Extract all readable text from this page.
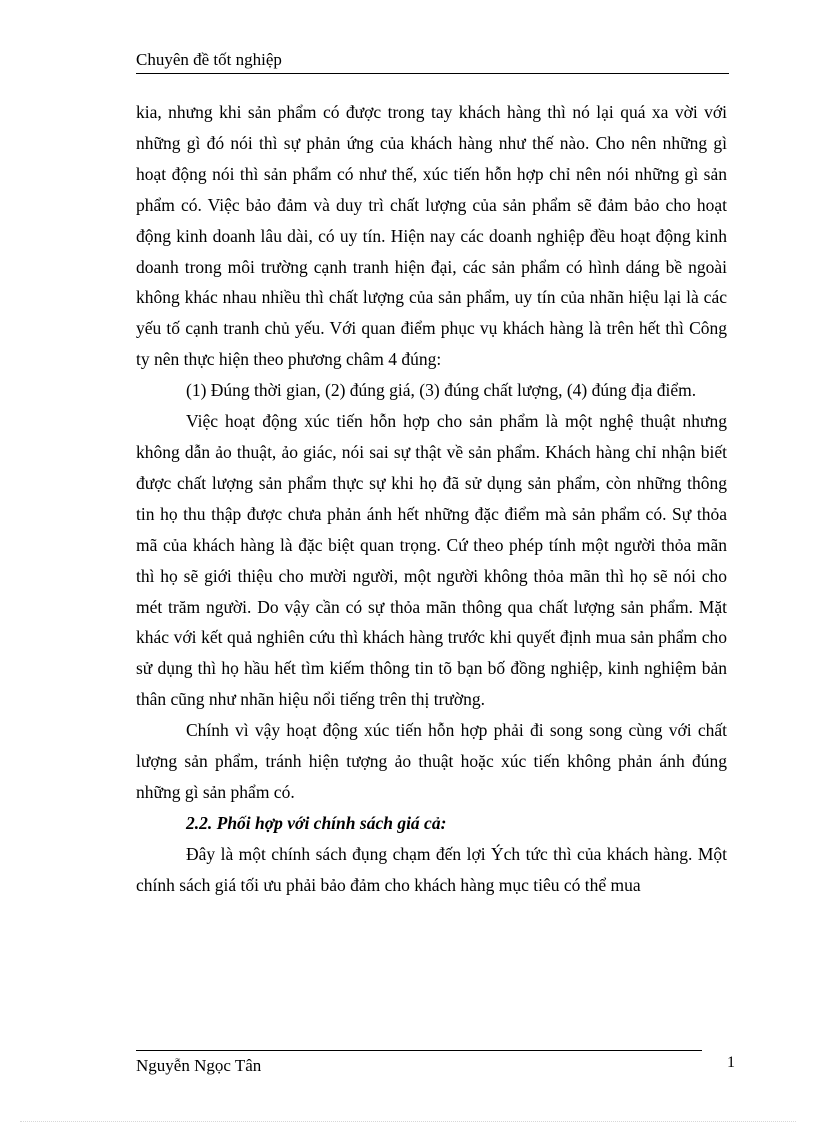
Chuyên đề tốt nghiệp

kia, nhưng khi sản phẩm có được trong tay khách hàng thì nó lại quá xa vời với những gì đó nói thì sự phản ứng của khách hàng như thế nào. Cho nên những gì hoạt động nói thì sản phẩm có như thế, xúc tiến hỗn hợp chỉ nên nói những gì sản phẩm có. Việc bảo đảm và duy trì chất lượng của sản phẩm sẽ đảm bảo cho hoạt động kinh doanh lâu dài, có uy tín. Hiện nay các doanh nghiệp đều hoạt động kinh doanh trong môi trường cạnh tranh hiện đại, các sản phẩm có hình dáng bề ngoài không khác nhau nhiều thì chất lượng của sản phẩm, uy tín của nhãn hiệu lại là các yếu tố cạnh tranh chủ yếu. Với quan điểm phục vụ khách hàng là trên hết thì Công ty nên thực hiện theo phương châm 4 đúng:

(1) Đúng thời gian, (2) đúng giá, (3) đúng chất lượng, (4) đúng địa điểm.

Việc hoạt động xúc tiến hỗn hợp cho sản phẩm là một nghệ thuật nhưng không dẫn ảo thuật, ảo giác, nói sai sự thật về sản phẩm. Khách hàng chỉ nhận biết được chất lượng sản phẩm thực sự khi họ đã sử dụng sản phẩm, còn những thông tin họ thu thập được chưa phản ánh hết những đặc điểm mà sản phẩm có. Sự thỏa mã của khách hàng là đặc biệt quan trọng. Cứ theo phép tính một người thỏa mãn thì họ sẽ giới thiệu cho mười người, một người không thỏa mãn thì họ sẽ nói cho mét trăm người. Do vậy cần có sự thỏa mãn thông qua chất lượng sản phẩm. Mặt khác với kết quả nghiên cứu thì khách hàng trước khi quyết định mua sản phẩm cho sử dụng thì họ hầu hết tìm kiếm thông tin tõ bạn bố đồng nghiệp, kinh nghiệm bản thân cũng như nhãn hiệu nổi tiếng trên thị trường.

Chính vì vậy hoạt động xúc tiến hỗn hợp phải đi song song cùng với chất lượng sản phẩm, tránh hiện tượng ảo thuật hoặc xúc tiến không phản ánh đúng những gì sản phẩm có.

2.2. Phối hợp với chính sách giá cả:

Đây là một chính sách đụng chạm đến lợi Ých tức thì của khách hàng. Một chính sách giá tối ưu phải bảo đảm cho khách hàng mục tiêu có thể mua

Nguyễn Ngọc Tân	1
